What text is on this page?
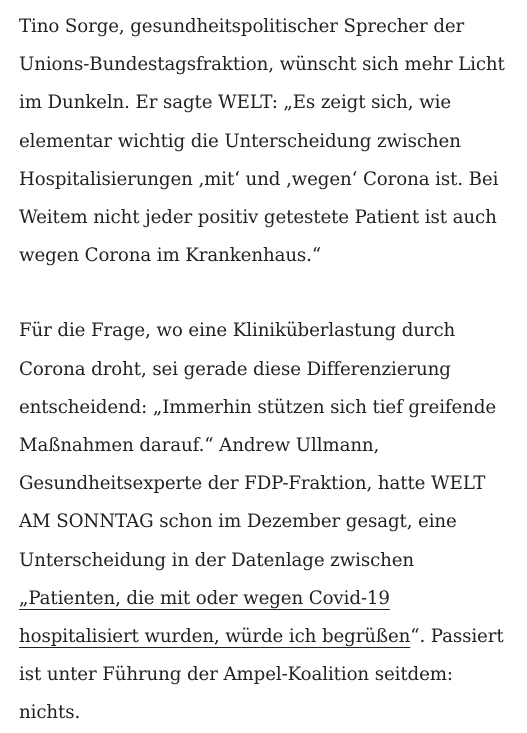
Tino Sorge, gesundheitspolitischer Sprecher der
Unions-Bundestagsfraktion, wünscht sich mehr Licht
im Dunkeln. Er sagte WELT: „Es zeigt sich, wie
elementar wichtig die Unterscheidung zwischen
Hospitalisierungen ‚mit‘ und ‚wegen‘ Corona ist. Bei
Weitem nicht jeder positiv getestete Patient ist auch
wegen Corona im Krankenhaus.“

Für die Frage, wo eine Kliniküberlastung durch
Corona droht, sei gerade diese Differenzierung
entscheidend: „Immerhin stützen sich tief greifende
Maßnahmen darauf.“ Andrew Ullmann,
Gesundheitsexperte der FDP-Fraktion, hatte WELT
AM SONNTAG schon im Dezember gesagt, eine
Unterscheidung in der Datenlage zwischen
„Patienten, die mit oder wegen Covid-19
hospitalisiert wurden, würde ich begrüßen“. Passiert
ist unter Führung der Ampel-Koalition seitdem:
nichts.
